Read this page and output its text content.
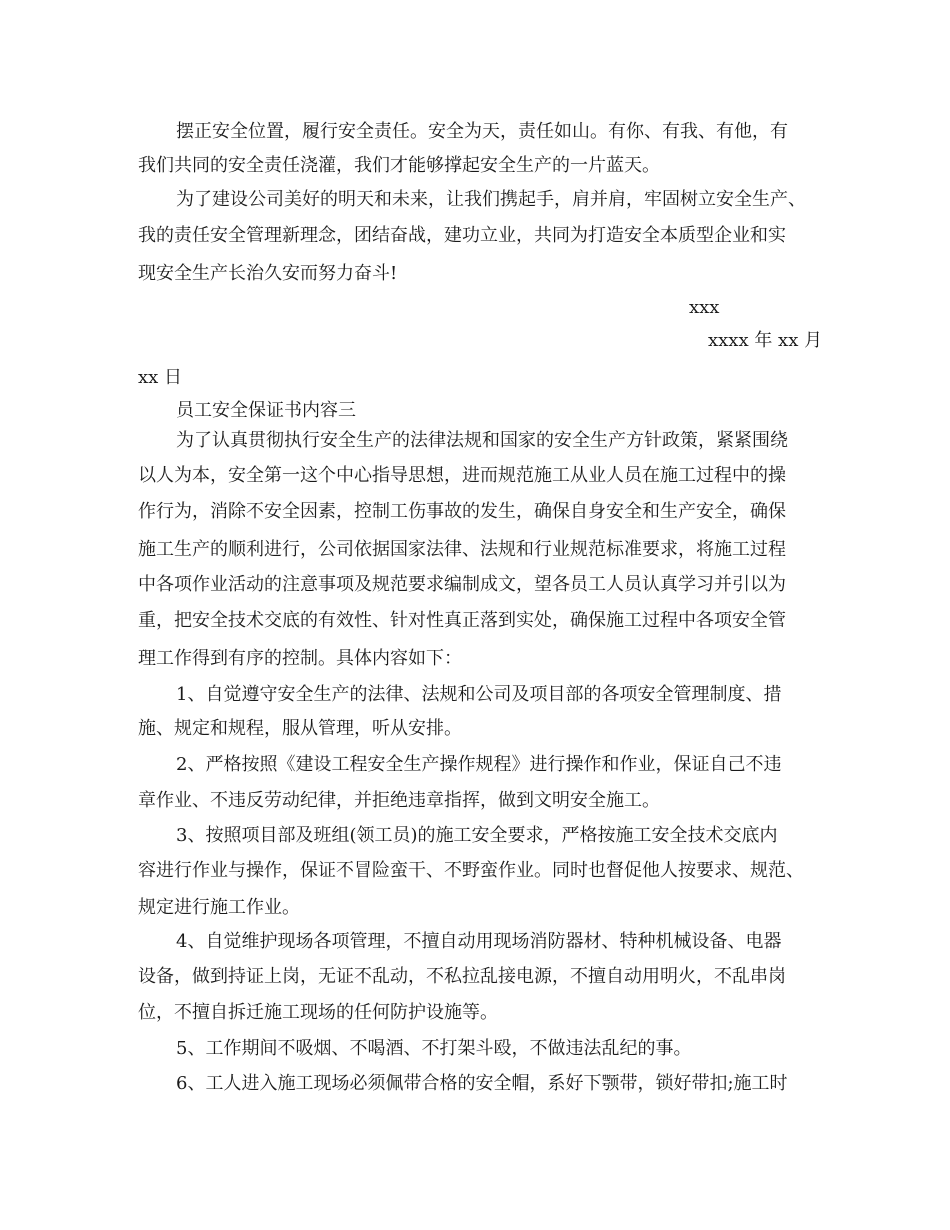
摆正安全位置，履行安全责任。安全为天，责任如山。有你、有我、有他，有
我们共同的安全责任浇灌，我们才能够撑起安全生产的一片蓝天。
为了建设公司美好的明天和未来，让我们携起手，肩并肩，牢固树立安全生产、
我的责任安全管理新理念，团结奋战，建功立业，共同为打造安全本质型企业和实
现安全生产长治久安而努力奋斗!
xxx
xxxx 年 xx 月
xx 日
员工安全保证书内容三
为了认真贯彻执行安全生产的法律法规和国家的安全生产方针政策，紧紧围绕
以人为本，安全第一这个中心指导思想，进而规范施工从业人员在施工过程中的操
作行为，消除不安全因素，控制工伤事故的发生，确保自身安全和生产安全，确保
施工生产的顺利进行，公司依据国家法律、法规和行业规范标准要求，将施工过程
中各项作业活动的注意事项及规范要求编制成文，望各员工人员认真学习并引以为
重，把安全技术交底的有效性、针对性真正落到实处，确保施工过程中各项安全管
理工作得到有序的控制。具体内容如下：
1、自觉遵守安全生产的法律、法规和公司及项目部的各项安全管理制度、措
施、规定和规程，服从管理，听从安排。
2、严格按照《建设工程安全生产操作规程》进行操作和作业，保证自己不违
章作业、不违反劳动纪律，并拒绝违章指挥，做到文明安全施工。
3、按照项目部及班组(领工员)的施工安全要求，严格按施工安全技术交底内
容进行作业与操作，保证不冒险蛮干、不野蛮作业。同时也督促他人按要求、规范、
规定进行施工作业。
4、自觉维护现场各项管理，不擅自动用现场消防器材、特种机械设备、电器
设备，做到持证上岗，无证不乱动，不私拉乱接电源，不擅自动用明火，不乱串岗
位，不擅自拆迁施工现场的任何防护设施等。
5、工作期间不吸烟、不喝酒、不打架斗殴，不做违法乱纪的事。
6、工人进入施工现场必须佩带合格的安全帽，系好下颚带，锁好带扣;施工时
